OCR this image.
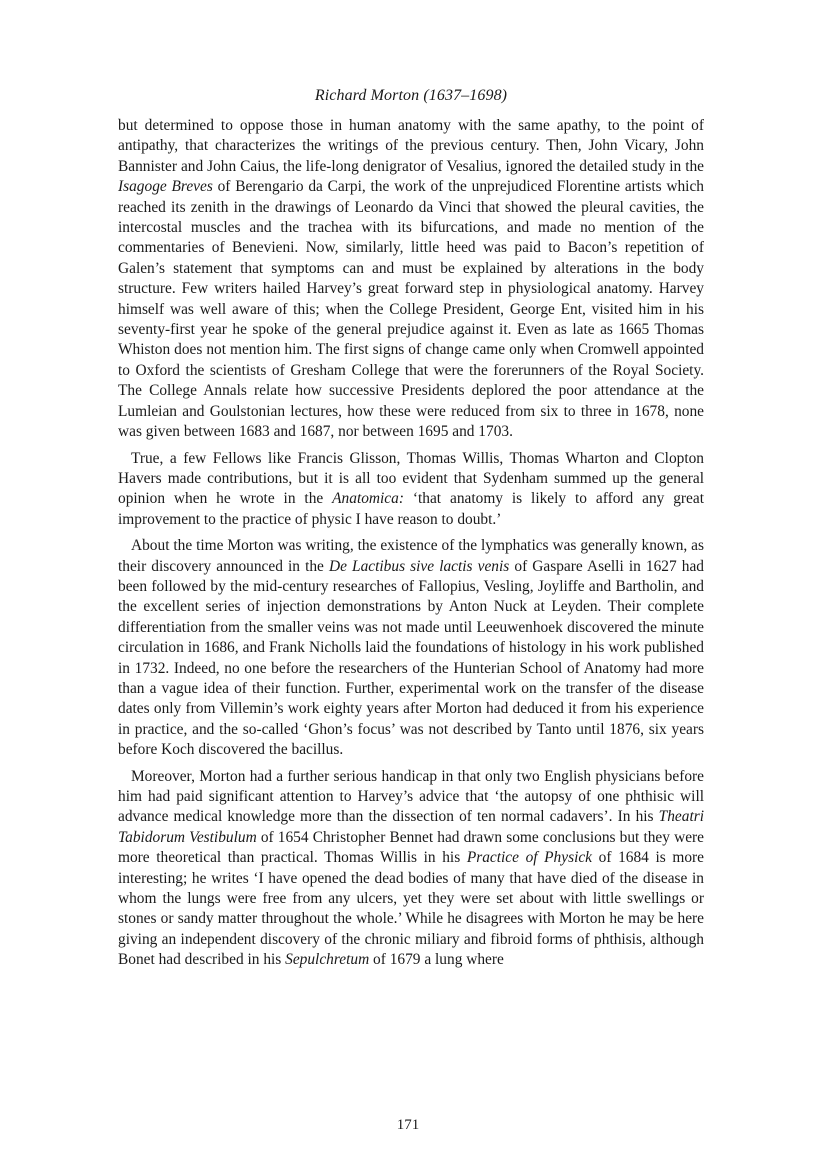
Richard Morton (1637–1698)

but determined to oppose those in human anatomy with the same apathy, to the point of antipathy, that characterizes the writings of the previous century. Then, John Vicary, John Bannister and John Caius, the life-long denigrator of Vesalius, ignored the detailed study in the Isagoge Breves of Berengario da Carpi, the work of the unprejudiced Florentine artists which reached its zenith in the drawings of Leonardo da Vinci that showed the pleural cavities, the intercostal muscles and the trachea with its bifurcations, and made no mention of the commentaries of Benevieni. Now, similarly, little heed was paid to Bacon’s repetition of Galen’s statement that symptoms can and must be explained by alterations in the body structure. Few writers hailed Harvey’s great forward step in physiological anatomy. Harvey himself was well aware of this; when the College President, George Ent, visited him in his seventy-first year he spoke of the general prejudice against it. Even as late as 1665 Thomas Whiston does not mention him. The first signs of change came only when Cromwell appointed to Oxford the scientists of Gresham College that were the forerunners of the Royal Society. The College Annals relate how successive Presidents deplored the poor attendance at the Lumleian and Goulstonian lectures, how these were reduced from six to three in 1678, none was given between 1683 and 1687, nor between 1695 and 1703.

True, a few Fellows like Francis Glisson, Thomas Willis, Thomas Wharton and Clopton Havers made contributions, but it is all too evident that Sydenham summed up the general opinion when he wrote in the Anatomica: ‘that anatomy is likely to afford any great improvement to the practice of physic I have reason to doubt.’

About the time Morton was writing, the existence of the lymphatics was generally known, as their discovery announced in the De Lactibus sive lactis venis of Gaspare Aselli in 1627 had been followed by the mid-century researches of Fallopius, Vesling, Joyliffe and Bartholin, and the excellent series of injection demonstrations by Anton Nuck at Leyden. Their complete differentiation from the smaller veins was not made until Leeuwenhoek discovered the minute circulation in 1686, and Frank Nicholls laid the foundations of histology in his work published in 1732. Indeed, no one before the researchers of the Hunterian School of Anatomy had more than a vague idea of their function. Further, experimental work on the transfer of the disease dates only from Villemin’s work eighty years after Morton had deduced it from his experience in practice, and the so-called ‘Ghon’s focus’ was not described by Tanto until 1876, six years before Koch discovered the bacillus.

Moreover, Morton had a further serious handicap in that only two English physicians before him had paid significant attention to Harvey’s advice that ‘the autopsy of one phthisic will advance medical knowledge more than the dissection of ten normal cadavers’. In his Theatri Tabidorum Vestibulum of 1654 Christopher Bennet had drawn some conclusions but they were more theoretical than practical. Thomas Willis in his Practice of Physick of 1684 is more interesting; he writes ‘I have opened the dead bodies of many that have died of the disease in whom the lungs were free from any ulcers, yet they were set about with little swellings or stones or sandy matter throughout the whole.’ While he disagrees with Morton he may be here giving an independent discovery of the chronic miliary and fibroid forms of phthisis, although Bonet had described in his Sepulchretum of 1679 a lung where

171
